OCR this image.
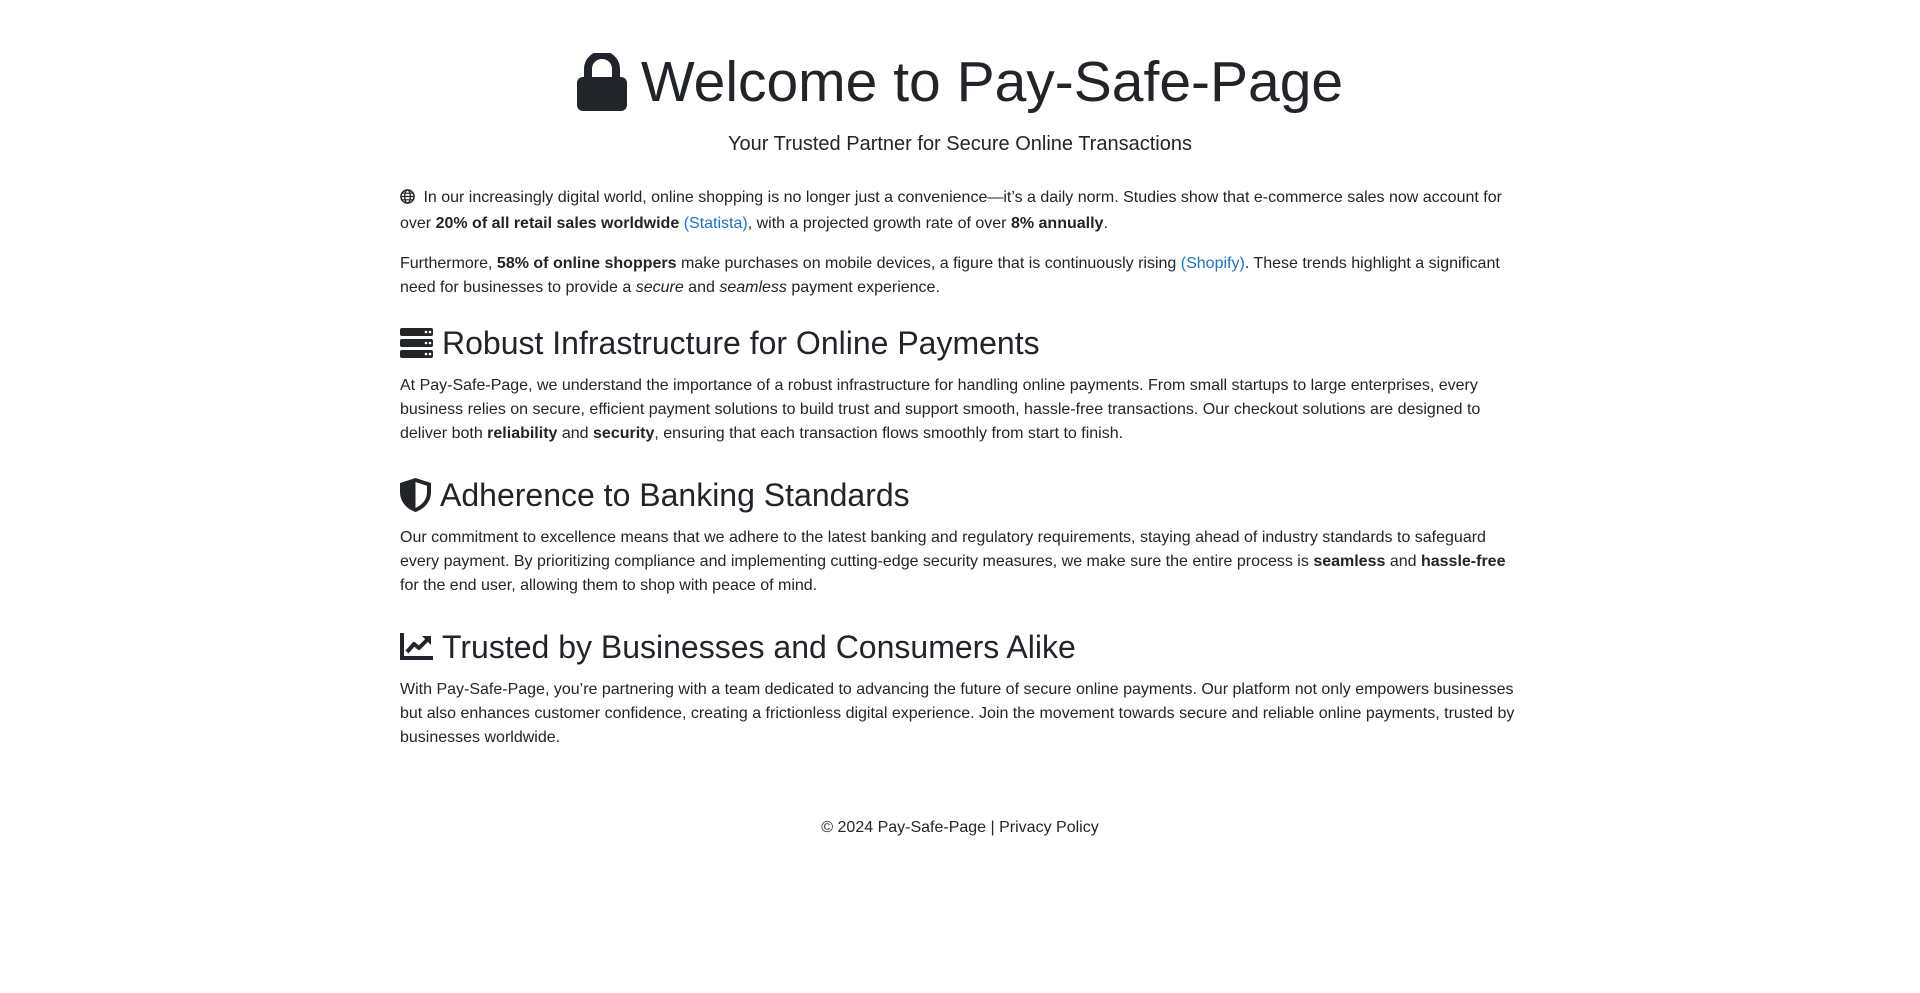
Welcome to Pay-Safe-Page

Your Trusted Partner for Secure Online Transactions

In our increasingly digital world, online shopping is no longer just a convenience—it’s a daily norm. Studies show that e-commerce sales now account for over 20% of all retail sales worldwide (Statista), with a projected growth rate of over 8% annually.

Furthermore, 58% of online shoppers make purchases on mobile devices, a figure that is continuously rising (Shopify). These trends highlight a significant need for businesses to provide a secure and seamless payment experience.

Robust Infrastructure for Online Payments

At Pay-Safe-Page, we understand the importance of a robust infrastructure for handling online payments. From small startups to large enterprises, every business relies on secure, efficient payment solutions to build trust and support smooth, hassle-free transactions. Our checkout solutions are designed to deliver both reliability and security, ensuring that each transaction flows smoothly from start to finish.

Adherence to Banking Standards

Our commitment to excellence means that we adhere to the latest banking and regulatory requirements, staying ahead of industry standards to safeguard every payment. By prioritizing compliance and implementing cutting-edge security measures, we make sure the entire process is seamless and hassle-free for the end user, allowing them to shop with peace of mind.

Trusted by Businesses and Consumers Alike

With Pay-Safe-Page, you’re partnering with a team dedicated to advancing the future of secure online payments. Our platform not only empowers businesses but also enhances customer confidence, creating a frictionless digital experience. Join the movement towards secure and reliable online payments, trusted by businesses worldwide.

© 2024 Pay-Safe-Page | Privacy Policy
